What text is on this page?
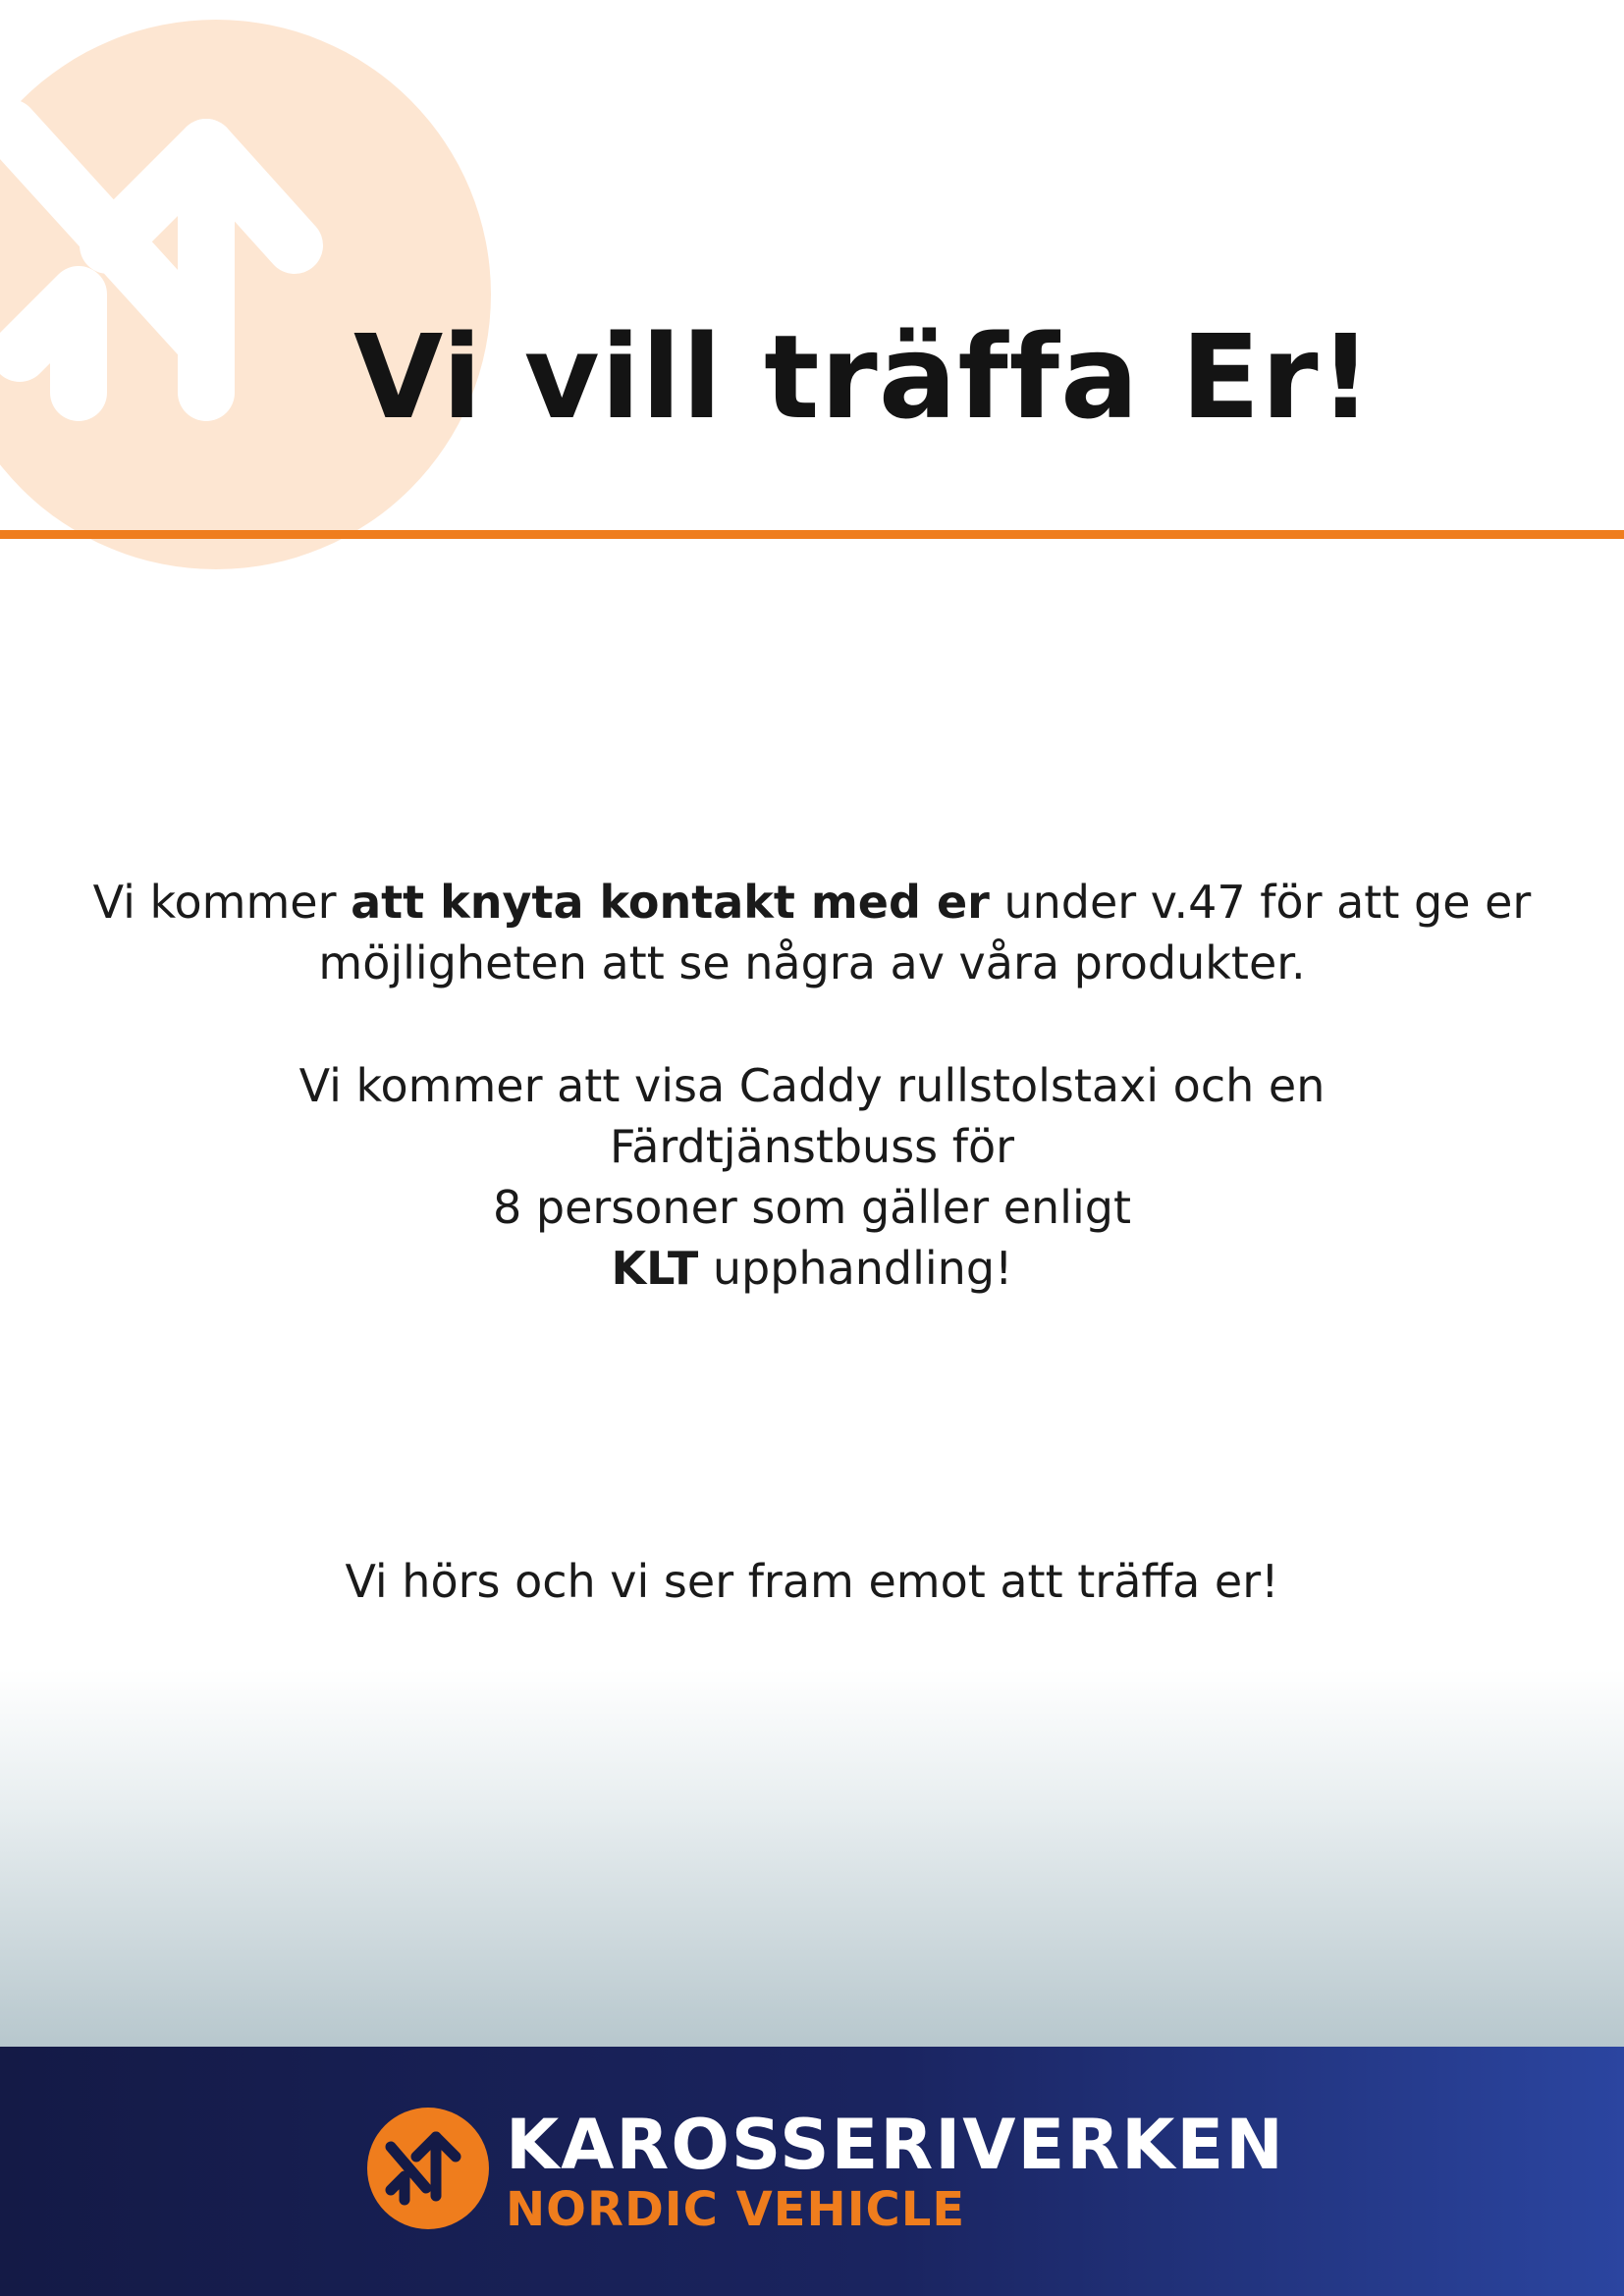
Vi vill träffa Er!

Vi kommer att knyta kontakt med er under v.47 för att ge er

möjligheten att se några av våra produkter.

Vi kommer att visa Caddy rullstolstaxi och en

Färdtjänstbuss för

8 personer som gäller enligt

KLT upphandling!

Vi hörs och vi ser fram emot att träffa er!

KAROSSERIVERKEN

NORDIC VEHICLE
